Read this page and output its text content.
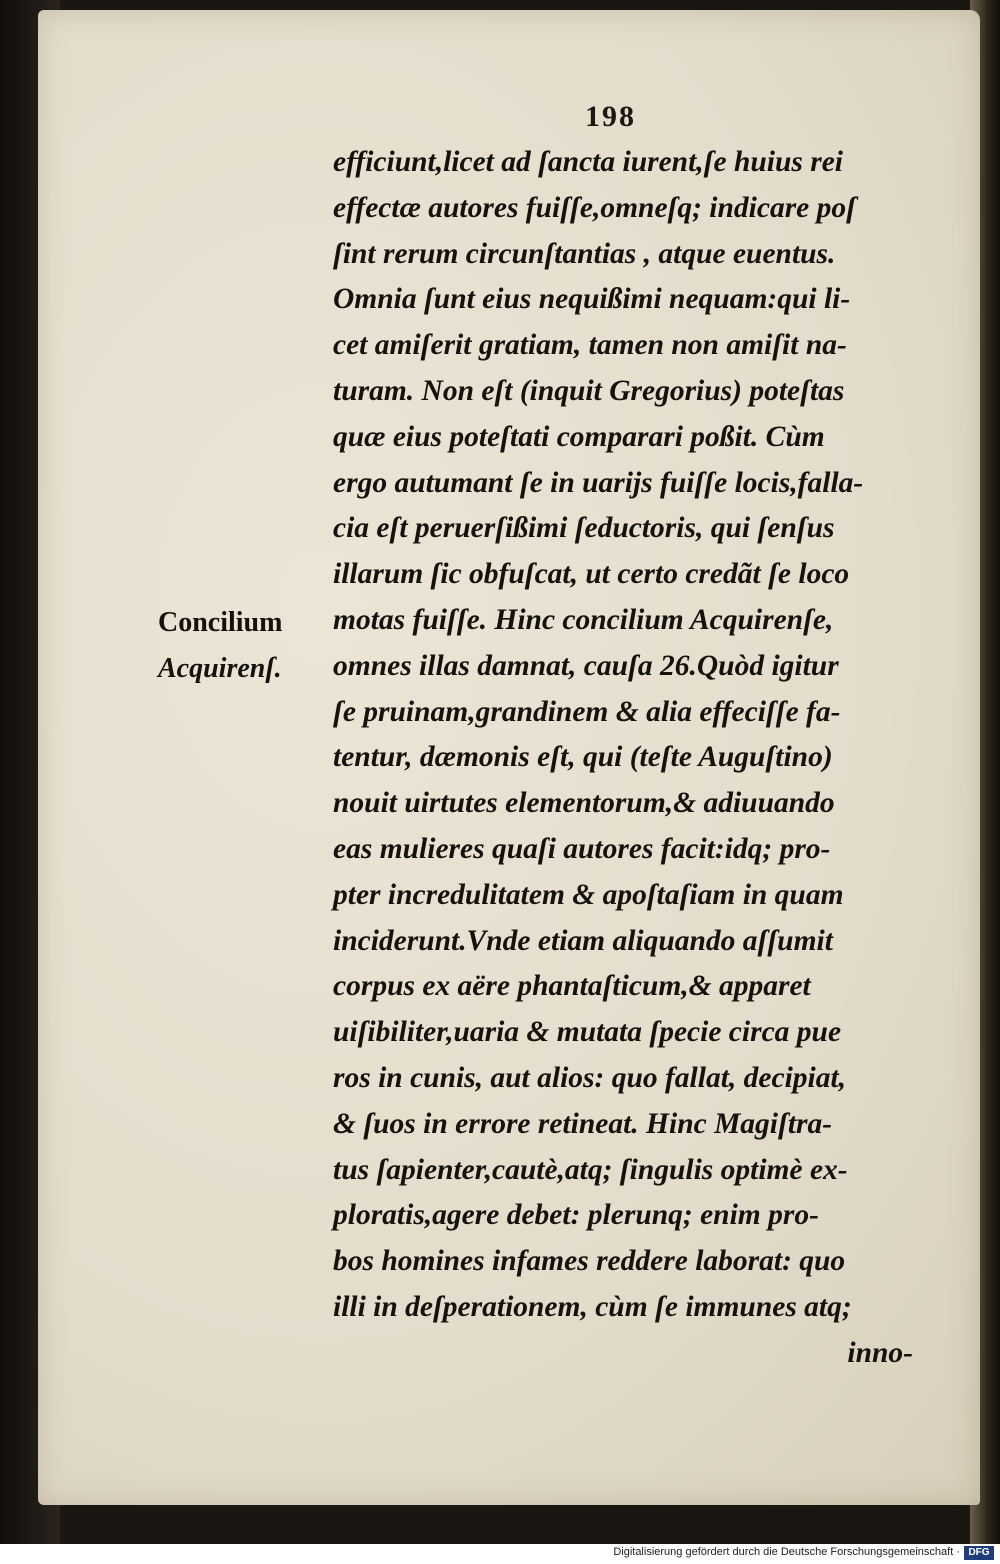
198
efficiunt,licet ad ſancta iurent,ſe huius rei
effectæ autores fuiſſe,omneſq; indicare poſ
ſint rerum circunſtantias , atque euentus.
Omnia ſunt eius nequißimi nequam:qui li-
cet amiſerit gratiam, tamen non amiſit na-
turam. Non eſt (inquit Gregorius) poteſtas
quæ eius poteſtati comparari poßit. Cùm
ergo autumant ſe in uarijs fuiſſe locis,falla-
cia eſt peruerſißimi ſeductoris, qui ſenſus
illarum ſic obfuſcat, ut certo credãt ſe loco
motas fuiſſe. Hinc concilium Acquirenſe,
omnes illas damnat, cauſa 26.Quòd igitur
ſe pruinam,grandinem & alia effeciſſe fa-
tentur, dæmonis eſt, qui (teſte Auguſtino)
nouit uirtutes elementorum,& adiuuando
eas mulieres quaſi autores facit:idq; pro-
pter incredulitatem & apoſtaſiam in quam
inciderunt.Vnde etiam aliquando aſſumit
corpus ex aëre phantaſticum,& apparet
uiſibiliter,uaria & mutata ſpecie circa pue
ros in cunis, aut alios: quo fallat, decipiat,
& ſuos in errore retineat. Hinc Magiſtra-
tus ſapienter,cautè,atq; ſingulis optimè ex-
ploratis,agere debet: plerunq; enim pro-
bos homines infames reddere laborat: quo
illi in deſperationem, cùm ſe immunes atq;
inno-
Concilium
Acquirenſ.
Digitalisierung gefördert durch die Deutsche Forschungsgemeinschaft · DFG
